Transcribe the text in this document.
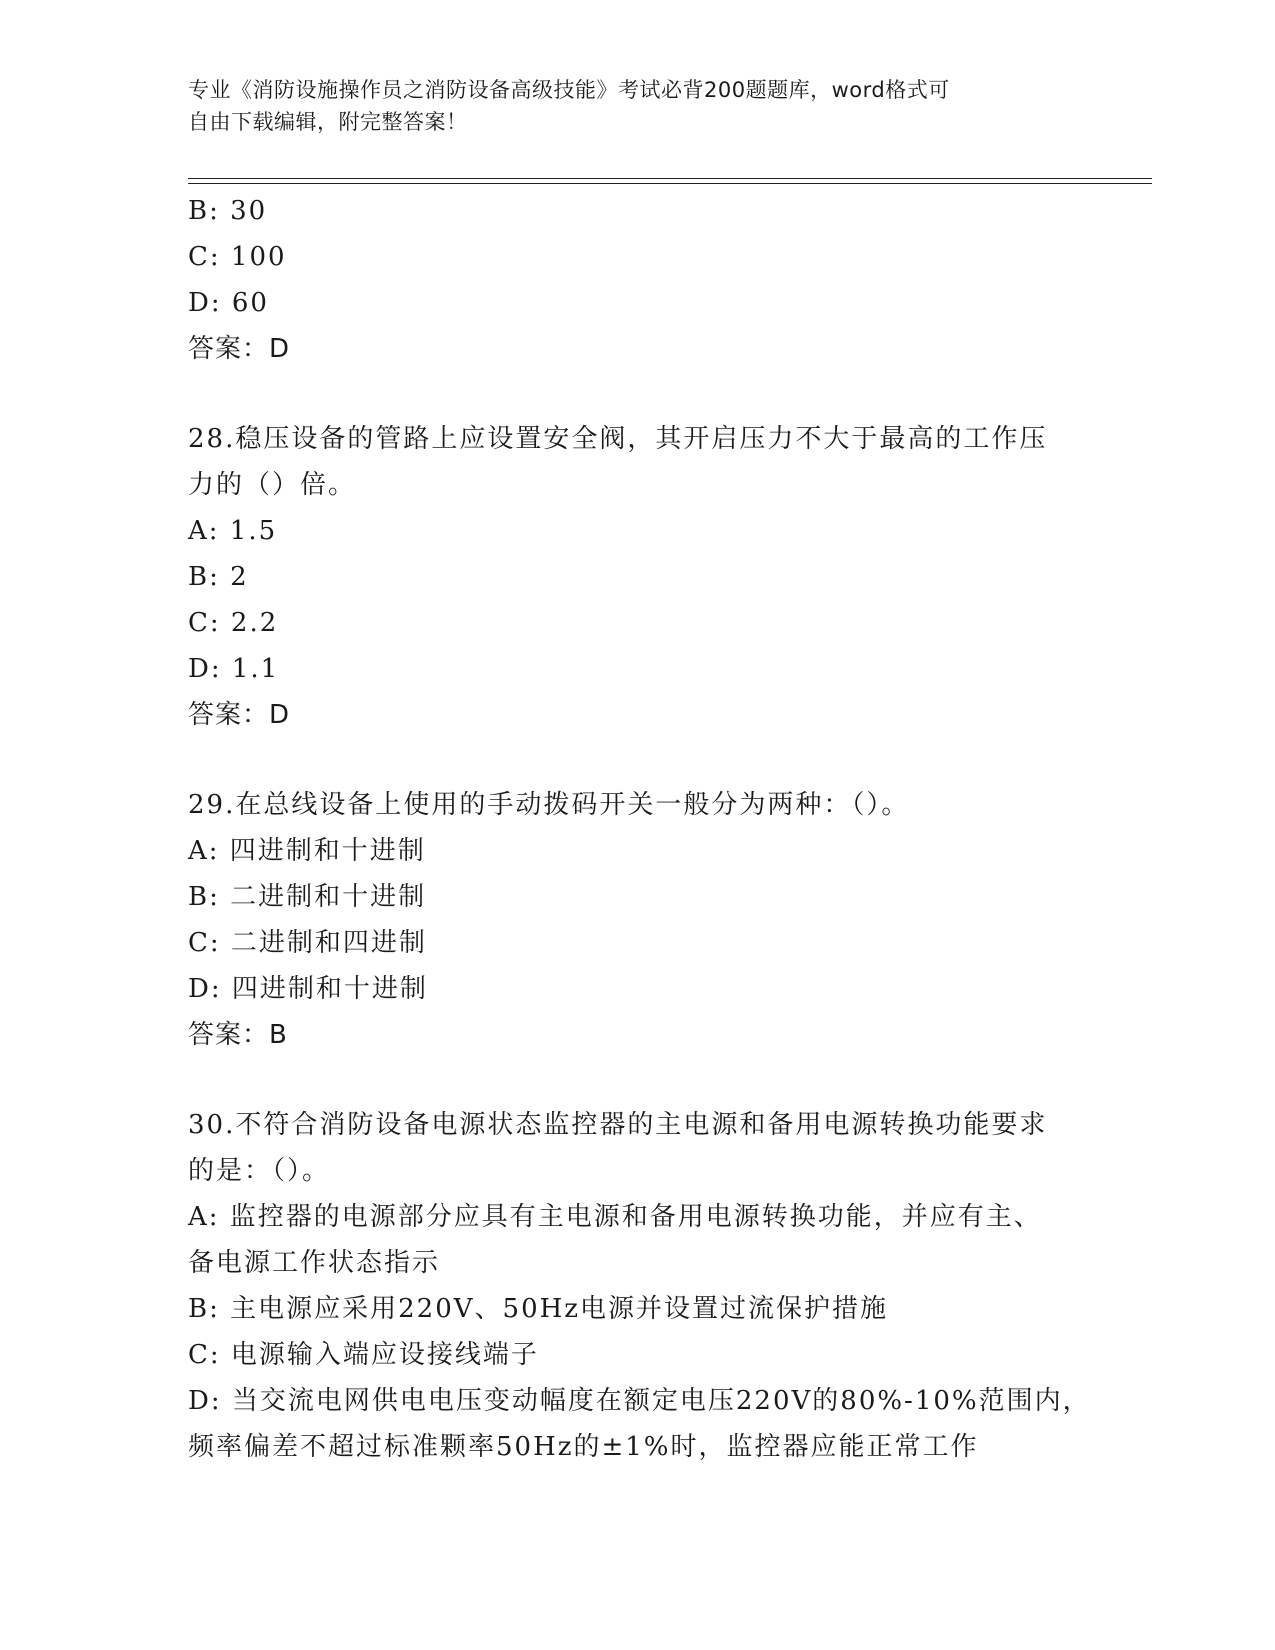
专业《消防设施操作员之消防设备高级技能》考试必背200题题库，word格式可
自由下载编辑，附完整答案！
B: 30
C: 100
D: 60
答案：D
28.稳压设备的管路上应设置安全阀，其开启压力不大于最高的工作压
力的（）倍。
A: 1.5
B: 2
C: 2.2
D: 1.1
答案：D
29.在总线设备上使用的手动拨码开关一般分为两种：（）。
A: 四进制和十进制
B: 二进制和十进制
C: 二进制和四进制
D: 四进制和十进制
答案：B
30.不符合消防设备电源状态监控器的主电源和备用电源转换功能要求
的是：（）。
A: 监控器的电源部分应具有主电源和备用电源转换功能，并应有主、
备电源工作状态指示
B: 主电源应采用220V、50Hz电源并设置过流保护措施
C: 电源输入端应设接线端子
D: 当交流电网供电电压变动幅度在额定电压220V的80%-10%范围内，
频率偏差不超过标准颗率50Hz的±1%时，监控器应能正常工作
